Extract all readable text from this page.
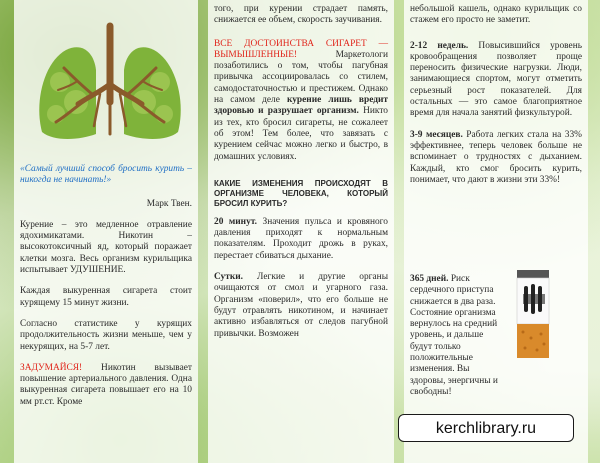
«Самый лучший способ бросить курить –никогда не начинать!»

Марк Твен.

Курение – это медленное отравление ядохимикатами. Никотин – высокотоксичный яд, который поражает клетки мозга. Весь организм курильщика испытывает УДУШЕНИЕ.

Каждая выкуренная сигарета стоит курящему 15 минут жизни.

Согласно статистике у курящих продолжительность жизни меньше, чем у некурящих, на 5-7 лет.

ЗАДУМАЙСЯ! Никотин вызывает повышение артериального давления. Одна выкуренная сигарета повышает его на 10 мм рт.ст. Кроме

того, при курении страдает память, снижается ее объем, скорость заучивания.

ВСЕ ДОСТОИНСТВА СИГАРЕТ — ВЫМЫШЛЕННЫЕ! Маркетологи позаботились о том, чтобы пагубная привычка ассоциировалась со стилем, самодостаточностью и престижем. Однако на самом деле курение лишь вредит здоровью и разрушает организм. Никто из тех, кто бросил сигареты, не сожалеет об этом! Тем более, что завязать с курением сейчас можно легко и быстро, в домашних условиях.

КАКИЕ ИЗМЕНЕНИЯ ПРОИСХОДЯТ В ОРГАНИЗМЕ ЧЕЛОВЕКА, КОТОРЫЙ БРОСИЛ КУРИТЬ?

20 минут. Значения пульса и кровяного давления приходят к нормальным показателям. Проходит дрожь в руках, перестает сбиваться дыхание.

Сутки. Легкие и другие органы очищаются от смол и угарного газа. Организм «поверил», что его больше не будут отравлять никотином, и начинает активно избавляться от следов пагубной привычки. Возможен

небольшой кашель, однако курильщик со стажем его просто не заметит.

2-12 недель. Повысившийся уровень кровообращения позволяет проще переносить физические нагрузки. Люди, занимающиеся спортом, могут отметить серьезный рост показателей. Для остальных — это самое благоприятное время для начала занятий физкультурой.

3-9 месяцев. Работа легких стала на 33% эффективнее, теперь человек больше не вспоминает о трудностях с дыханием. Каждый, кто смог бросить курить, понимает, что дают в жизни эти 33%!

365 дней. Риск сердечного приступа снижается в два раза. Состояние организма вернулось на средний уровень, и дальше будут только положительные изменения. Вы здоровы, энергичны и свободны!

kerchlibrary.ru
